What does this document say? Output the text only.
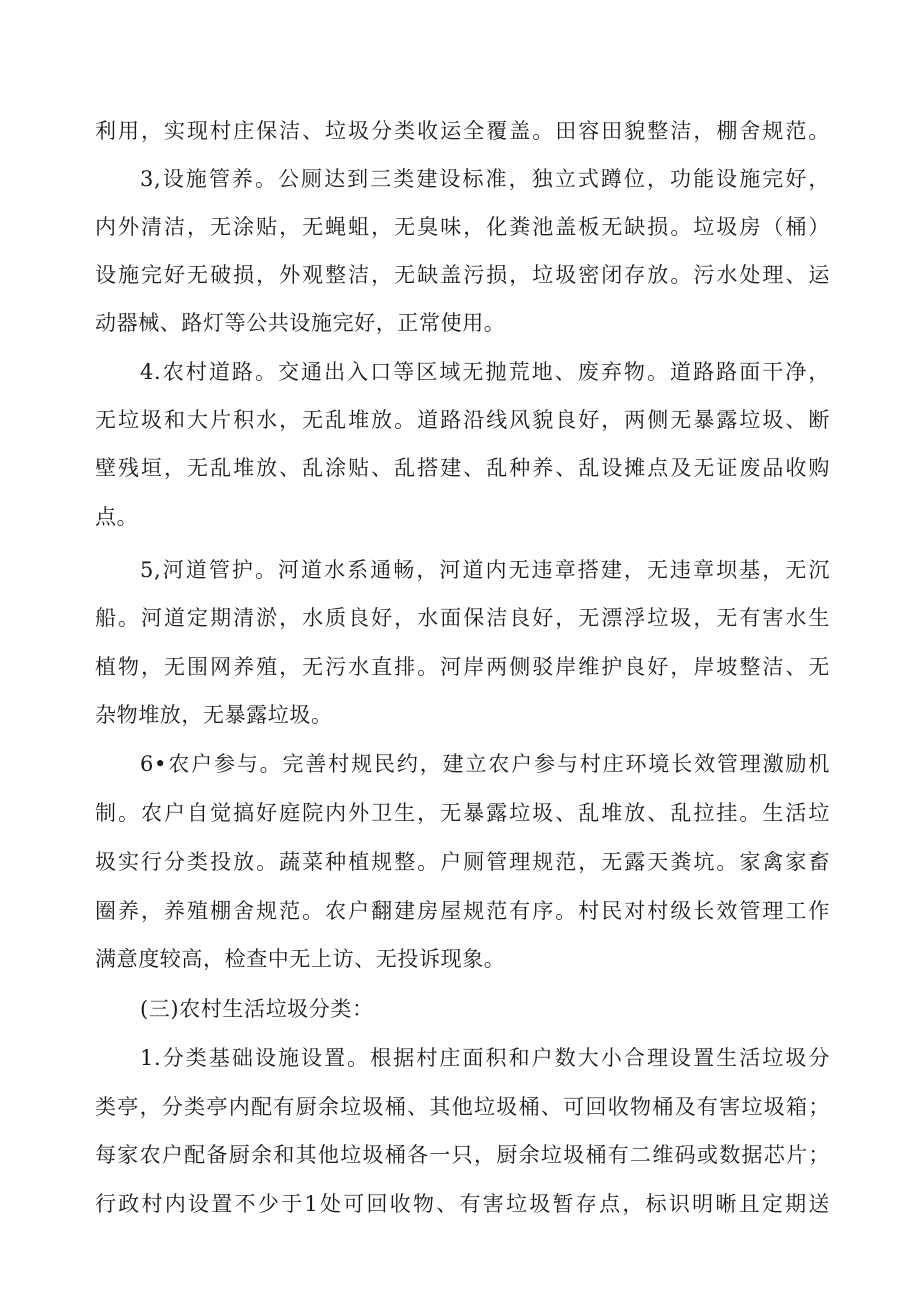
利用，实现村庄保洁、垃圾分类收运全覆盖。田容田貌整洁，棚舍规范。
3,设施管养。公厕达到三类建设标准，独立式蹲位，功能设施完好，
内外清洁，无涂贴，无蝇蛆，无臭味，化粪池盖板无缺损。垃圾房（桶）
设施完好无破损，外观整洁，无缺盖污损，垃圾密闭存放。污水处理、运
动器械、路灯等公共设施完好，正常使用。
4.农村道路。交通出入口等区域无抛荒地、废弃物。道路路面干净，
无垃圾和大片积水，无乱堆放。道路沿线风貌良好，两侧无暴露垃圾、断
壁残垣，无乱堆放、乱涂贴、乱搭建、乱种养、乱设摊点及无证废品收购
点。
5,河道管护。河道水系通畅，河道内无违章搭建，无违章坝基，无沉
船。河道定期清淤，水质良好，水面保洁良好，无漂浮垃圾，无有害水生
植物，无围网养殖，无污水直排。河岸两侧驳岸维护良好，岸坡整洁、无
杂物堆放，无暴露垃圾。
6•农户参与。完善村规民约，建立农户参与村庄环境长效管理激励机
制。农户自觉搞好庭院内外卫生，无暴露垃圾、乱堆放、乱拉挂。生活垃
圾实行分类投放。蔬菜种植规整。户厕管理规范，无露天粪坑。家禽家畜
圈养，养殖棚舍规范。农户翻建房屋规范有序。村民对村级长效管理工作
满意度较高，检查中无上访、无投诉现象。
(三)农村生活垃圾分类：
1.分类基础设施设置。根据村庄面积和户数大小合理设置生活垃圾分
类亭，分类亭内配有厨余垃圾桶、其他垃圾桶、可回收物桶及有害垃圾箱；
每家农户配备厨余和其他垃圾桶各一只，厨余垃圾桶有二维码或数据芯片；
行政村内设置不少于1处可回收物、有害垃圾暂存点，标识明晰且定期送
